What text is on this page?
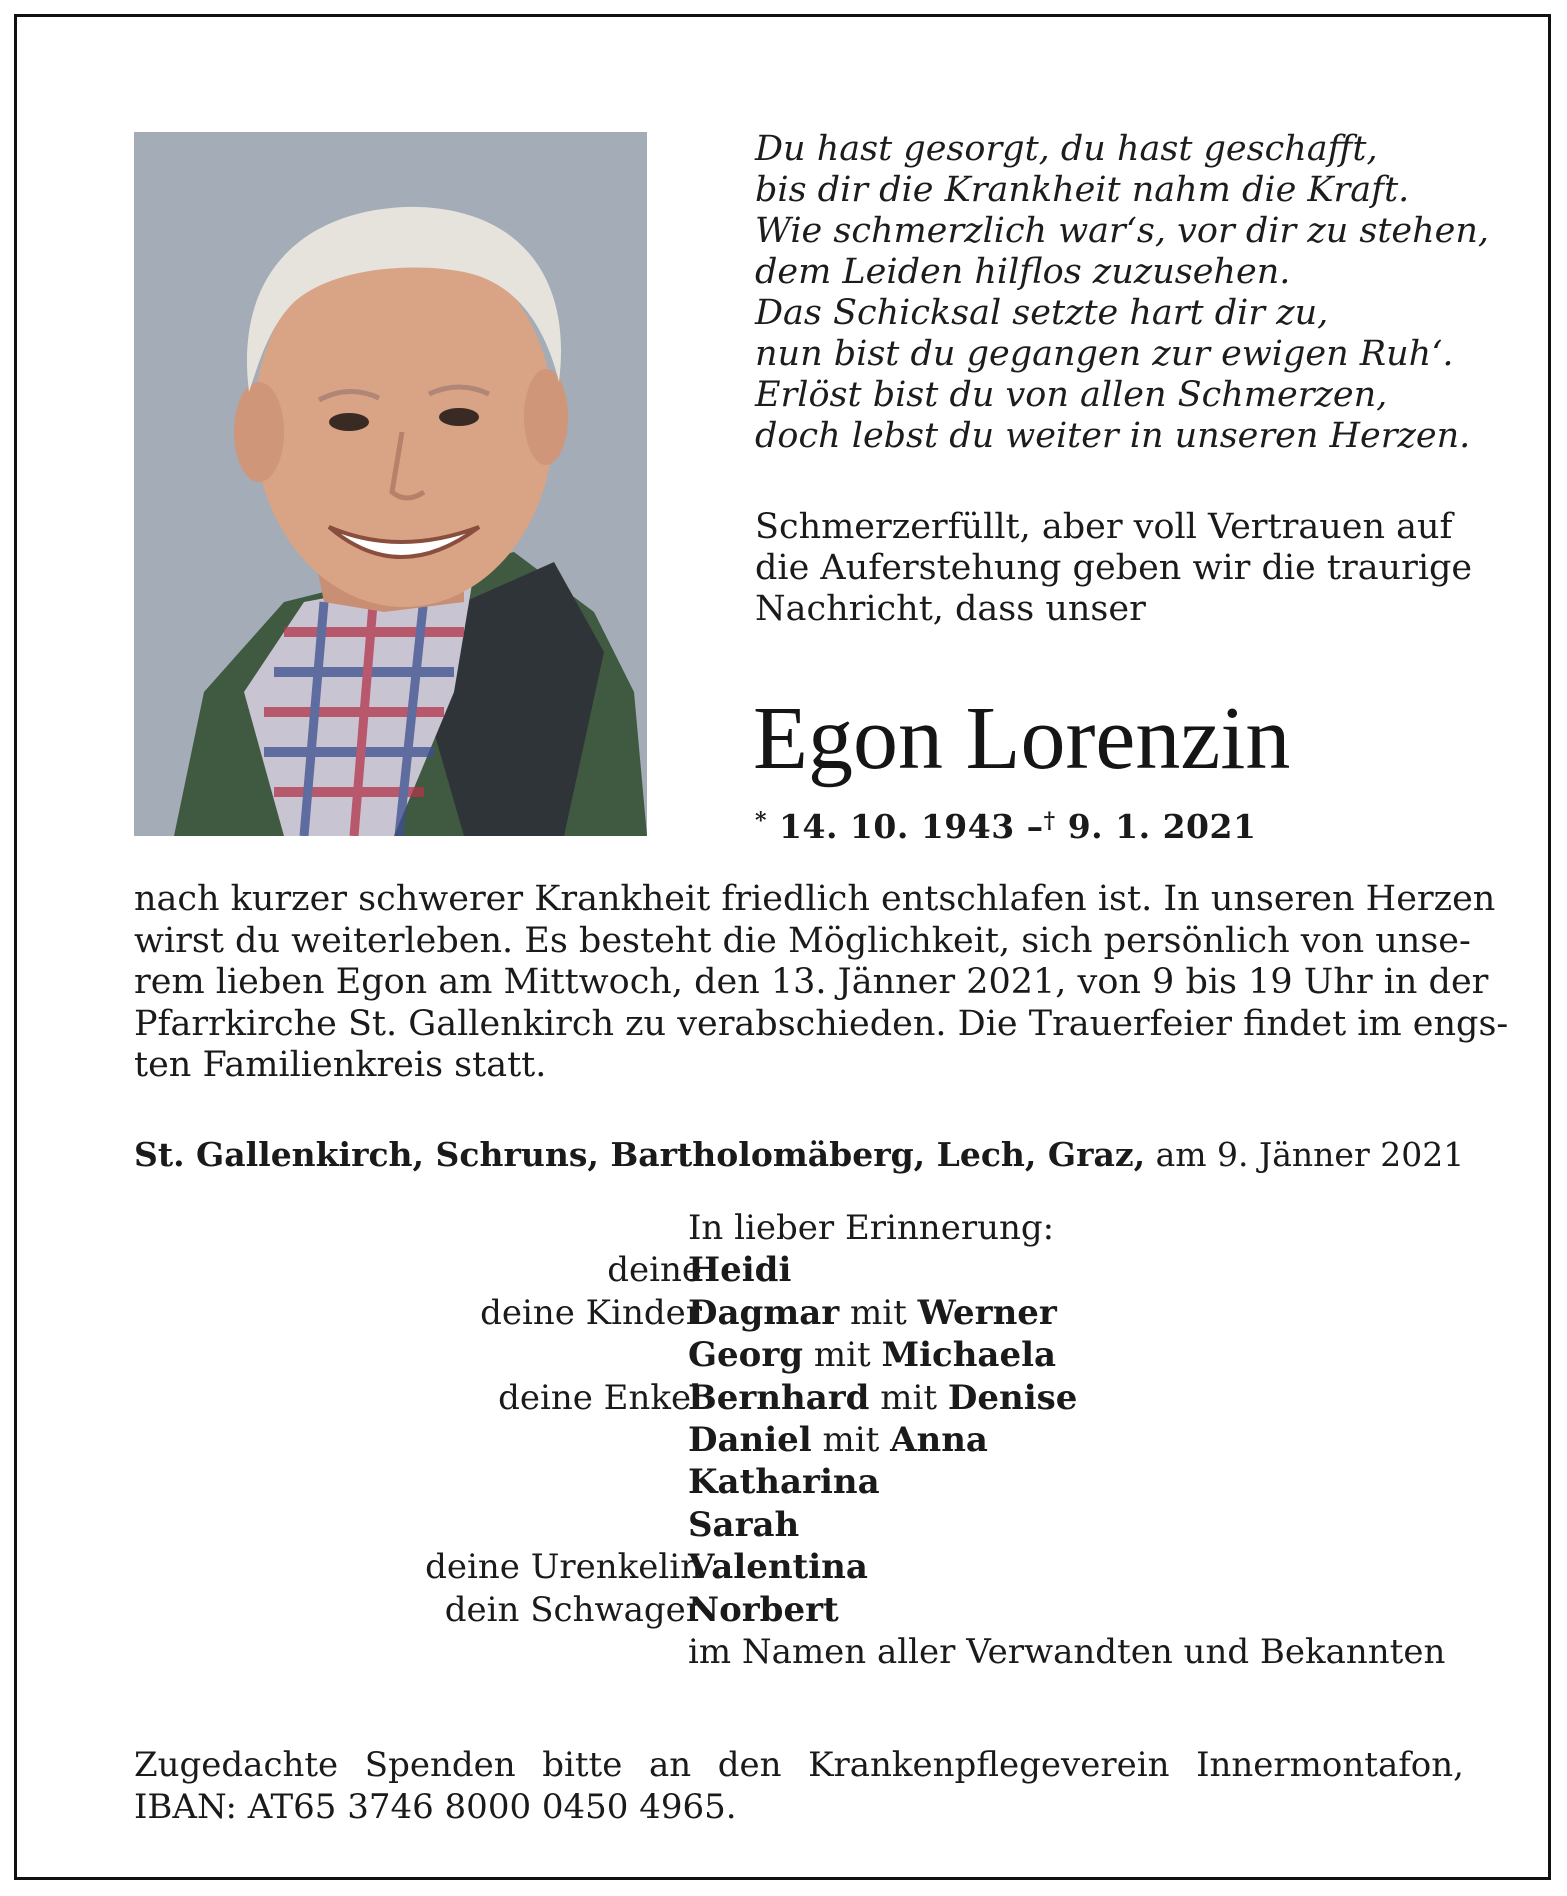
Du hast gesorgt, du hast geschafft,
bis dir die Krankheit nahm die Kraft.
Wie schmerzlich war‘s, vor dir zu stehen,
dem Leiden hilflos zuzusehen.
Das Schicksal setzte hart dir zu,
nun bist du gegangen zur ewigen Ruh‘.
Erlöst bist du von allen Schmerzen,
doch lebst du weiter in unseren Herzen.
Schmerzerfüllt, aber voll Vertrauen auf
die Auferstehung geben wir die traurige
Nachricht, dass unser
Egon Lorenzin
* 14. 10. 1943 –† 9. 1. 2021
nach kurzer schwerer Krankheit friedlich entschlafen ist. In unseren Herzen
wirst du weiterleben. Es besteht die Möglichkeit, sich persönlich von unse-
rem lieben Egon am Mittwoch, den 13. Jänner 2021, von 9 bis 19 Uhr in der
Pfarrkirche St. Gallenkirch zu verabschieden. Die Trauerfeier findet im engs-
ten Familienkreis statt.
St. Gallenkirch, Schruns, Bartholomäberg, Lech, Graz, am 9. Jänner 2021
In lieber Erinnerung:
deine
Heidi
deine Kinder
Dagmar mit Werner
Georg mit Michaela
deine Enkel
Bernhard mit Denise
Daniel mit Anna
Katharina
Sarah
deine Urenkelin
Valentina
dein Schwager
Norbert
im Namen aller Verwandten und Bekannten
Zugedachte Spenden bitte an den Krankenpflegeverein Innermontafon,
IBAN: AT65 3746 8000 0450 4965.
